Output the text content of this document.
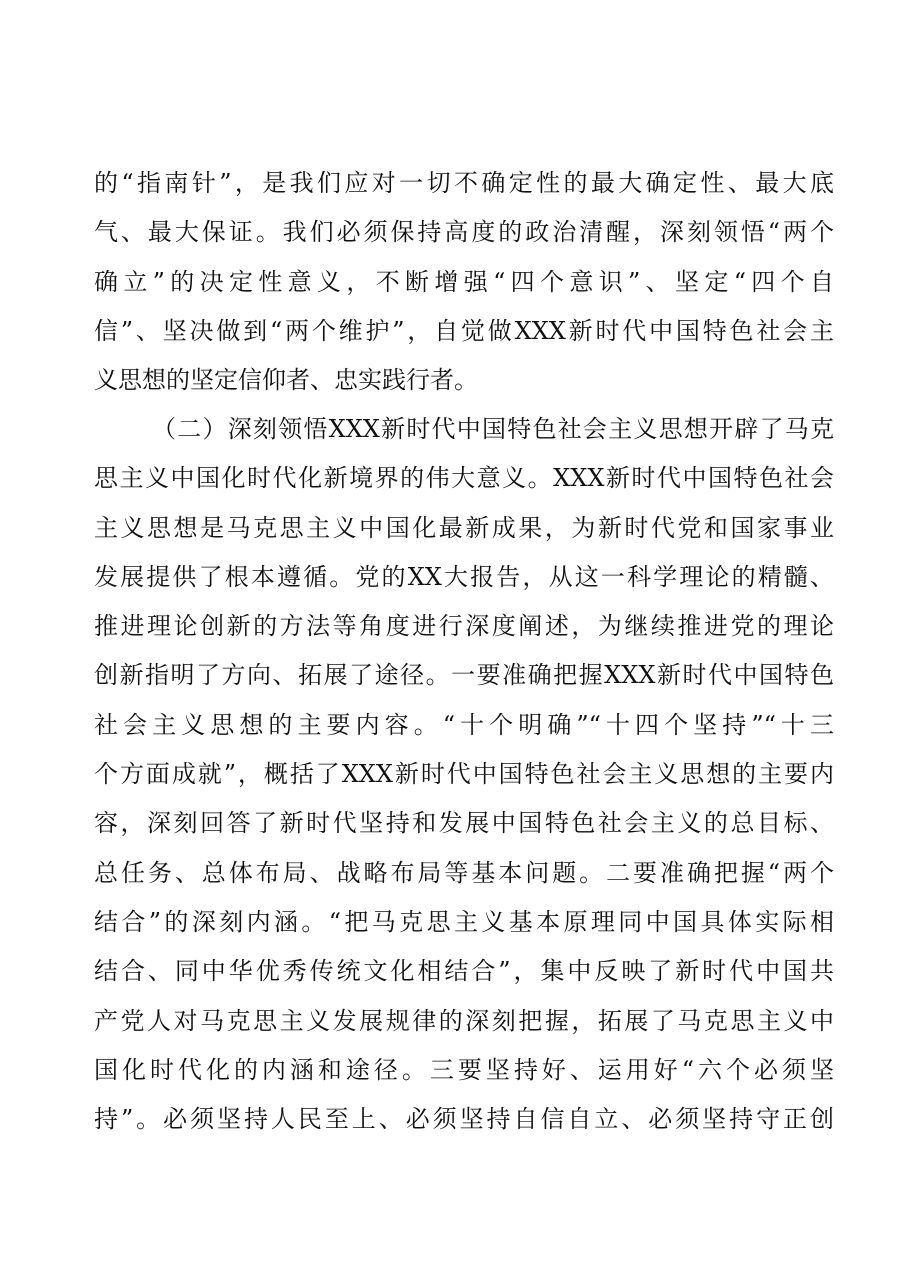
的“指南针”，是我们应对一切不确定性的最大确定性、最大底
气、最大保证。我们必须保持高度的政治清醒，深刻领悟“两个
确立”的决定性意义，不断增强“四个意识”、坚定“四个自
信”、坚决做到“两个维护”，自觉做XXX新时代中国特色社会主
义思想的坚定信仰者、忠实践行者。
（二）深刻领悟XXX新时代中国特色社会主义思想开辟了马克
思主义中国化时代化新境界的伟大意义。XXX新时代中国特色社会
主义思想是马克思主义中国化最新成果，为新时代党和国家事业
发展提供了根本遵循。党的XX大报告，从这一科学理论的精髓、
推进理论创新的方法等角度进行深度阐述，为继续推进党的理论
创新指明了方向、拓展了途径。一要准确把握XXX新时代中国特色
社会主义思想的主要内容。“十个明确”“十四个坚持”“十三
个方面成就”，概括了XXX新时代中国特色社会主义思想的主要内
容，深刻回答了新时代坚持和发展中国特色社会主义的总目标、
总任务、总体布局、战略布局等基本问题。二要准确把握“两个
结合”的深刻内涵。“把马克思主义基本原理同中国具体实际相
结合、同中华优秀传统文化相结合”，集中反映了新时代中国共
产党人对马克思主义发展规律的深刻把握，拓展了马克思主义中
国化时代化的内涵和途径。三要坚持好、运用好“六个必须坚
持”。必须坚持人民至上、必须坚持自信自立、必须坚持守正创
